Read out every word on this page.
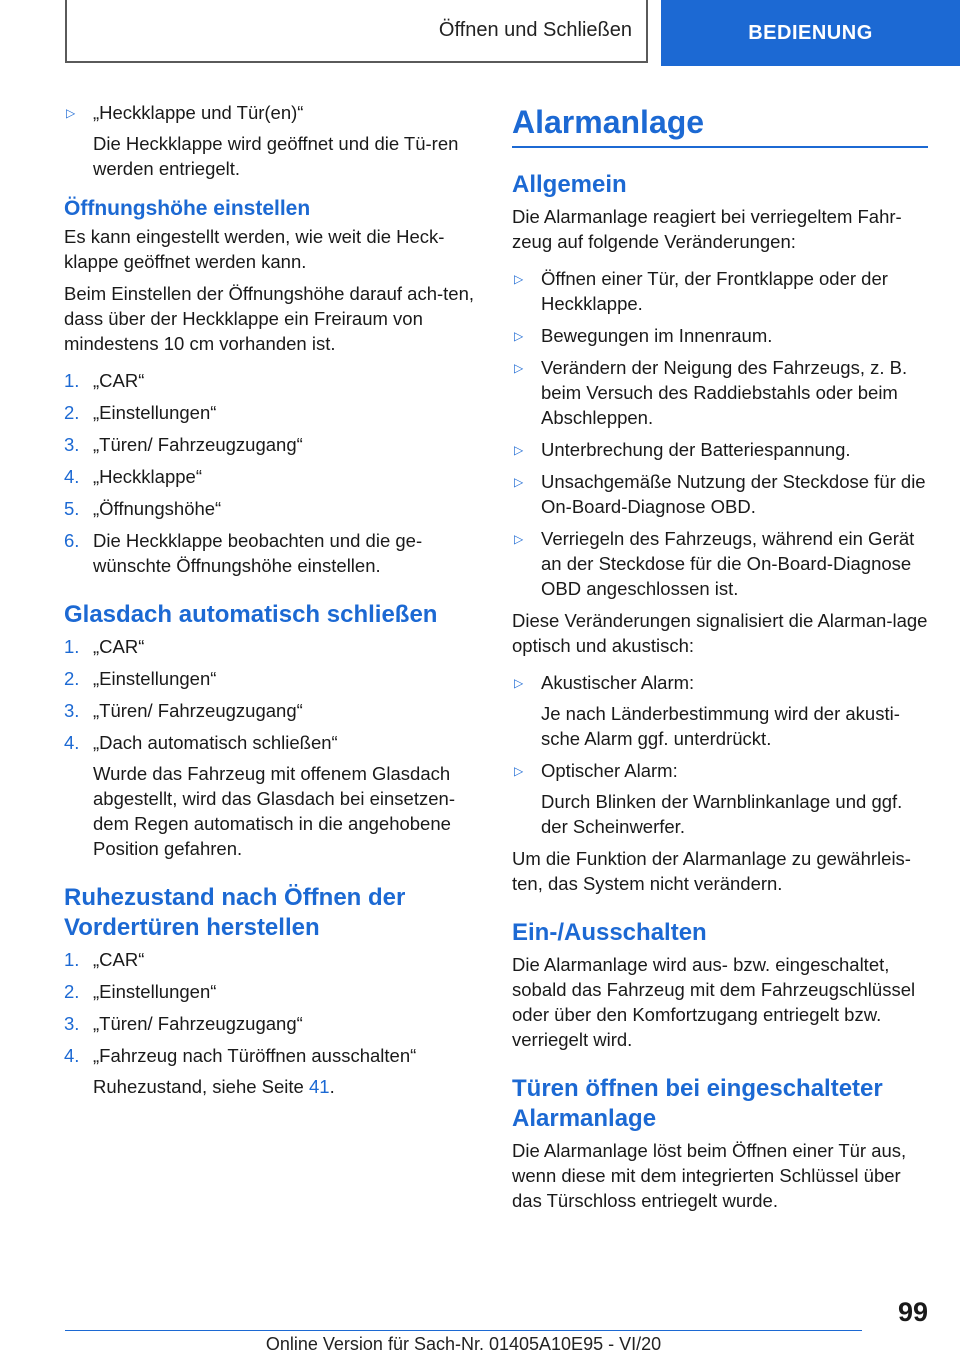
Öffnen und Schließen	BEDIENUNG
▷ „Heckklappe und Tür(en)“
Die Heckklappe wird geöffnet und die Tü-ren werden entriegelt.
Öffnungshöhe einstellen

Es kann eingestellt werden, wie weit die Heck-klappe geöffnet werden kann.

Beim Einstellen der Öffnungshöhe darauf ach-ten, dass über der Heckklappe ein Freiraum von mindestens 10 cm vorhanden ist.

1. „CAR“
2. „Einstellungen“
3. „Türen/ Fahrzeugzugang“
4. „Heckklappe“
5. „Öffnungshöhe“
6. Die Heckklappe beobachten und die ge-wünschte Öffnungshöhe einstellen.
Glasdach automatisch schließen
1. „CAR“
2. „Einstellungen“
3. „Türen/ Fahrzeugzugang“
4. „Dach automatisch schließen“
Wurde das Fahrzeug mit offenem Glasdach abgestellt, wird das Glasdach bei einsetzen-dem Regen automatisch in die angehobene Position gefahren.
Ruhezustand nach Öffnen der Vordertüren herstellen
1. „CAR“
2. „Einstellungen“
3. „Türen/ Fahrzeugzugang“
4. „Fahrzeug nach Türöffnen ausschalten“
Ruhezustand, siehe Seite 41.
Alarmanlage
Allgemein

Die Alarmanlage reagiert bei verriegeltem Fahr-zeug auf folgende Veränderungen:

▷ Öffnen einer Tür, der Frontklappe oder der Heckklappe.
▷ Bewegungen im Innenraum.
▷ Verändern der Neigung des Fahrzeugs, z. B. beim Versuch des Raddiebstahls oder beim Abschleppen.
▷ Unterbrechung der Batteriespannung.
▷ Unsachgemäße Nutzung der Steckdose für die On-Board-Diagnose OBD.
▷ Verriegeln des Fahrzeugs, während ein Gerät an der Steckdose für die On-Board-Diagnose OBD angeschlossen ist.

Diese Veränderungen signalisiert die Alarman-lage optisch und akustisch:

▷ Akustischer Alarm:
Je nach Länderbestimmung wird der akusti-sche Alarm ggf. unterdrückt.
▷ Optischer Alarm:
Durch Blinken der Warnblinkanlage und ggf. der Scheinwerfer.

Um die Funktion der Alarmanlage zu gewährleis-ten, das System nicht verändern.

Ein-/Ausschalten

Die Alarmanlage wird aus- bzw. eingeschaltet, sobald das Fahrzeug mit dem Fahrzeugschlüssel oder über den Komfortzugang entriegelt bzw. verriegelt wird.

Türen öffnen bei eingeschalteter Alarmanlage

Die Alarmanlage löst beim Öffnen einer Tür aus, wenn diese mit dem integrierten Schlüssel über das Türschloss entriegelt wurde.

99
Online Version für Sach-Nr. 01405A10E95 - VI/20
